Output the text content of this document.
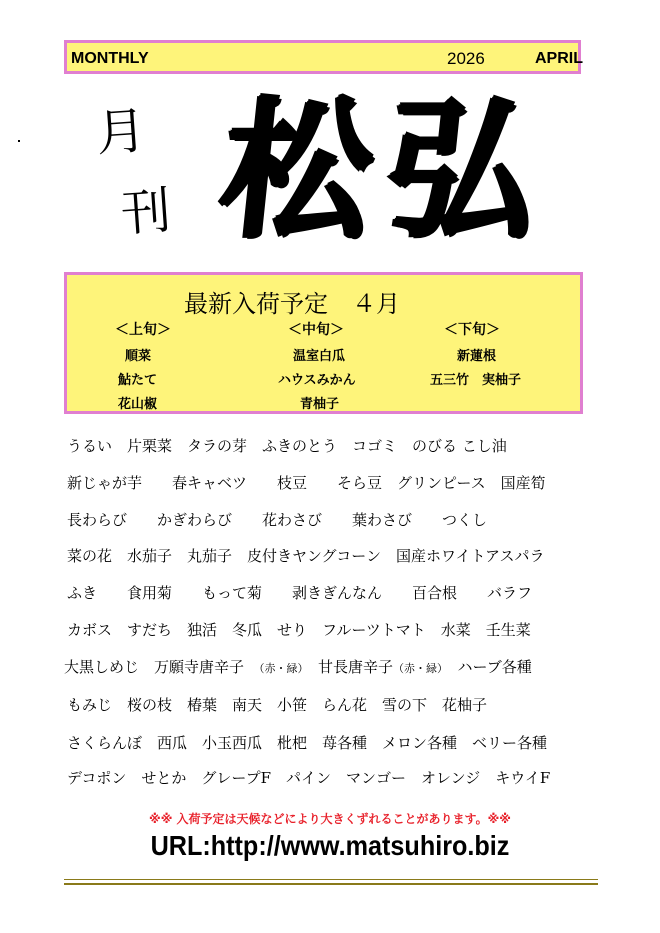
MONTHLY	2026	APRIL
月
刊 松 弘
最新入荷予定　４月
＜上旬＞
順菜
鮎たて
花山椒
＜中旬＞
温室白瓜
ハウスみかん
青柚子
＜下旬＞
新蓮根
五三竹　実柚子
うるい　片栗菜　タラの芽　ふきのとう　コゴミ　のびる こし油
新じゃが芋　　春キャベツ　　枝豆　　そら豆　グリンピース　国産筍
長わらび　　かぎわらび　　花わさび　　葉わさび　　つくし
菜の花　水茄子　丸茄子　皮付きヤングコーン　国産ホワイトアスパラ
ふき　　食用菊　　もって菊　　剥きぎんなん　　百合根　　バラフ
カボス　すだち　独活　冬瓜　せり　フルーツトマト　水菜　壬生菜
大黒しめじ　万願寺唐辛子　（赤・緑）　甘長唐辛子（赤・緑）　ハーブ各種
もみじ　桜の枝　椿葉　南天　小笹　らん花　雪の下　花柚子
さくらんぼ　西瓜　小玉西瓜　枇杷　苺各種　メロン各種　ベリー各種
デコポン　せとか　グレープF　パイン　マンゴー　オレンジ　キウイF
※※ 入荷予定は天候などにより大きくずれることがあります。※※
URL:http://www.matsuhiro.biz
